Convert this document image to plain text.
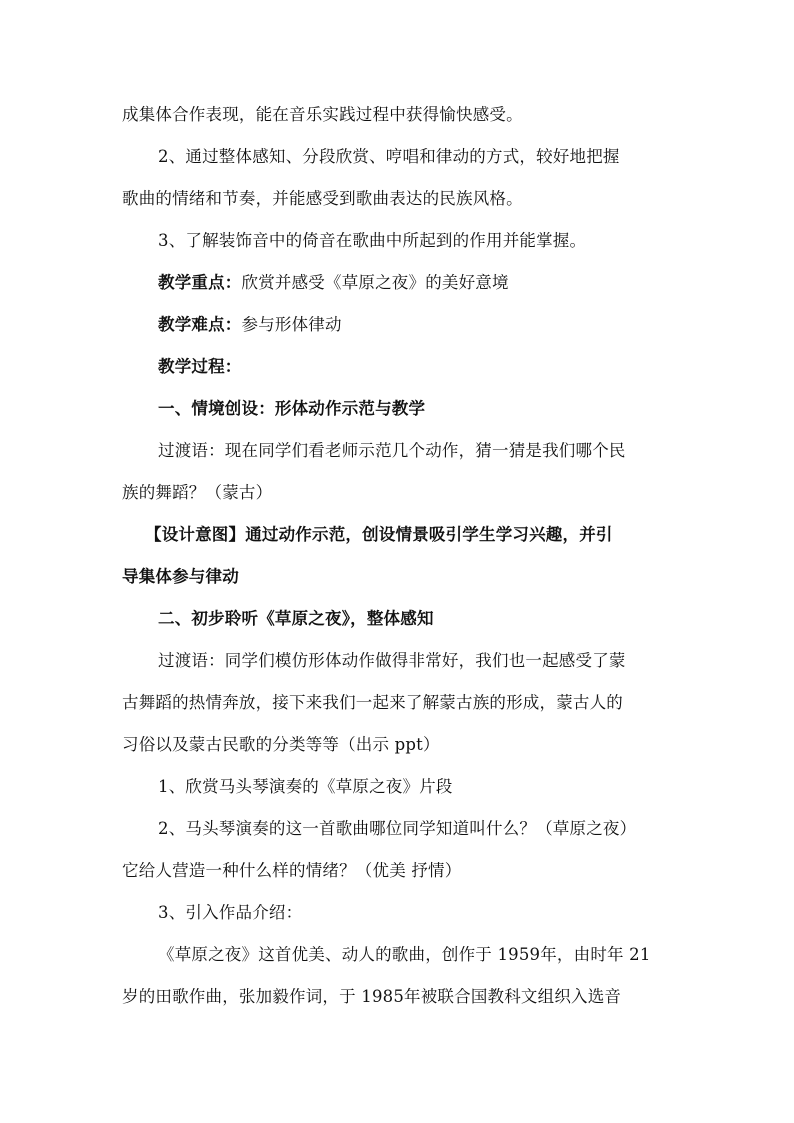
成集体合作表现，能在音乐实践过程中获得愉快感受。
2、通过整体感知、分段欣赏、哼唱和律动的方式，较好地把握
歌曲的情绪和节奏，并能感受到歌曲表达的民族风格。
3、了解装饰音中的倚音在歌曲中所起到的作用并能掌握。
教学重点：欣赏并感受《草原之夜》的美好意境
教学难点：参与形体律动
教学过程：
一、情境创设：形体动作示范与教学
过渡语：现在同学们看老师示范几个动作，猜一猜是我们哪个民
族的舞蹈？（蒙古）
【设计意图】通过动作示范，创设情景吸引学生学习兴趣，并引
导集体参与律动
二、初步聆听《草原之夜》，整体感知
过渡语：同学们模仿形体动作做得非常好，我们也一起感受了蒙
古舞蹈的热情奔放，接下来我们一起来了解蒙古族的形成，蒙古人的
习俗以及蒙古民歌的分类等等（出示 ppt）
1、欣赏马头琴演奏的《草原之夜》片段
2、马头琴演奏的这一首歌曲哪位同学知道叫什么？（草原之夜）
它给人营造一种什么样的情绪？（优美 抒情）
3、引入作品介绍：
《草原之夜》这首优美、动人的歌曲，创作于 1959年，由时年 21
岁的田歌作曲，张加毅作词，于 1985年被联合国教科文组织入选音
